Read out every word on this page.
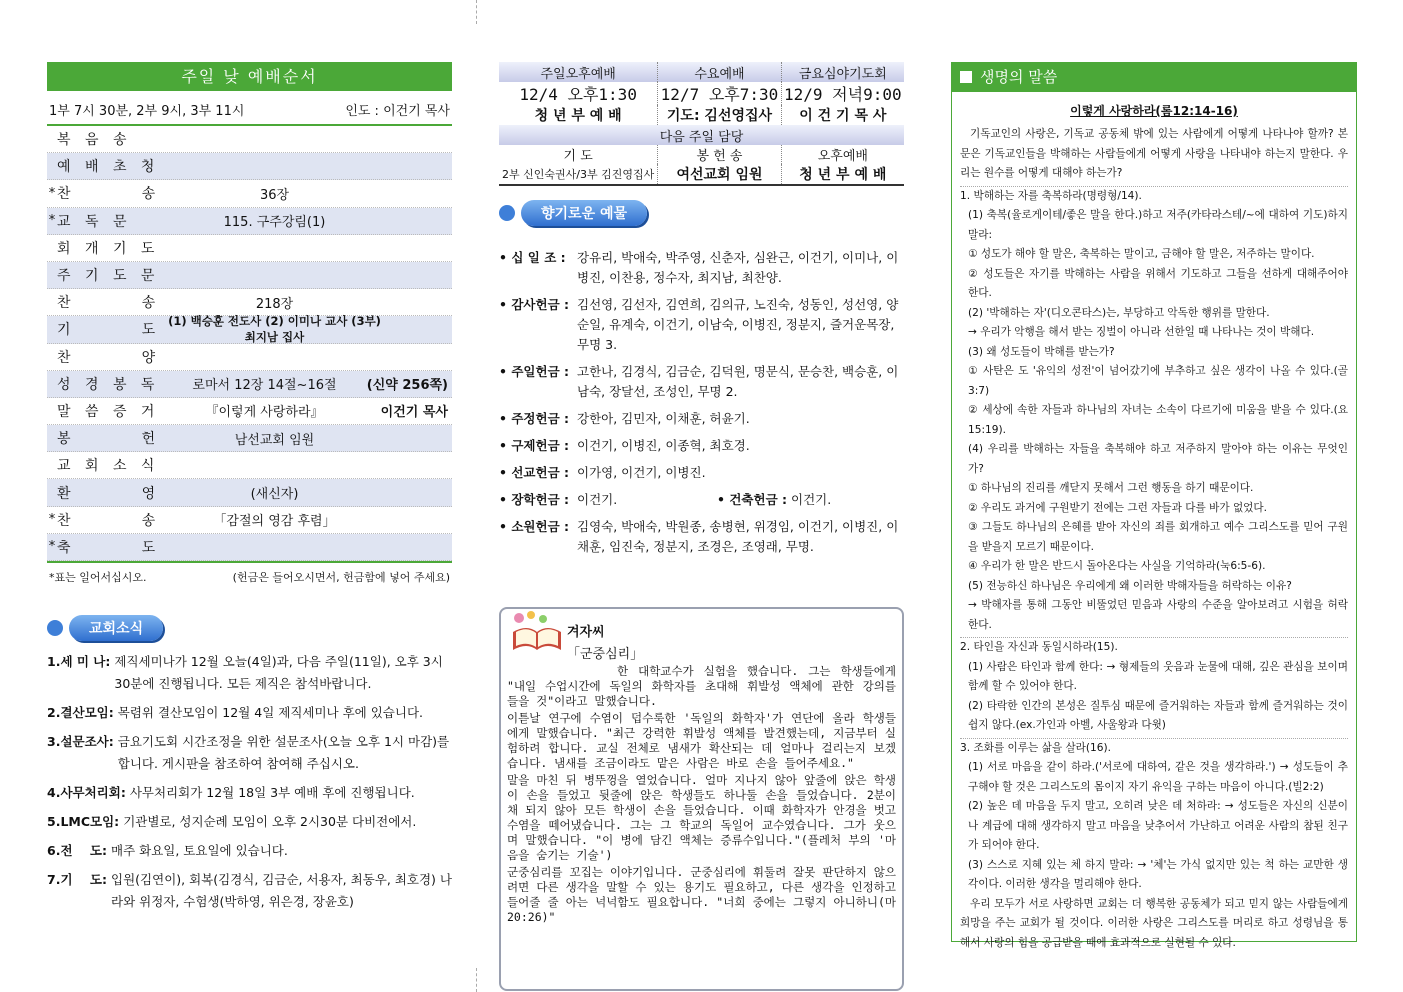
주일 낮 예배순서
1부 7시 30분, 2부 9시, 3부 11시	인도 : 이건기 목사
복 음 송
예 배 초 청
* 찬       송	36장
* 교 독 문	115. 구주강림(1)
회 개 기 도
주 기 도 문
찬       송	218장
기       도
(1) 백승훈 전도사 (2) 이미나 교사 (3부) 최지남 집사
찬       양
성 경 봉 독	로마서 12장 14절~16절	(신약 256쪽)
말 씀 증 거	『이렇게 사랑하라』	이건기 목사
봉       헌	남선교회 임원
교 회 소 식
환       영	(새신자)
* 찬       송	「감절의 영감 후렴」
* 축       도
*표는 일어서십시오.	(헌금은 들어오시면서, 헌금함에 넣어 주세요)
교회소식
1.세 미 나: 제직세미나가 12월 오늘(4일)과, 다음 주일(11일), 오후 3시 30분에 진행됩니다. 모든 제직은 참석바랍니다.
2.결산모임: 목렴위 결산모임이 12월 4일 제직세미나 후에 있습니다.
3.설문조사: 금요기도회 시간조정을 위한 설문조사(오늘 오후 1시 마감)를 합니다. 게시판을 참조하여 참여해 주십시오.
4.사무처리회: 사무처리회가 12월 18일 3부 예배 후에 진행됩니다.
5.LMC모임: 기관별로, 성지순례 모임이 오후 2시30분 다비전에서.
6.전    도: 매주 화요일, 토요일에 있습니다.
7.기    도: 입원(김연이), 회복(김경식, 김금순, 서용자, 최동우, 최호경) 나라와 위정자, 수험생(박하영, 위은경, 장윤호)
주일오후예배	수요예배	금요심야기도회
12/4 오후1:30	12/7 오후7:30	12/9 저녁9:00
청 년 부 예 배	기도: 김선영집사	이 건 기 목 사
다음 주일 담당		
기 도	봉 헌 송	오후예배
2부 신인숙권사/3부 김진영집사	여선교회 임원	청 년 부 예 배
향기로운 예물
• 십 일 조 : 강유리, 박애숙, 박주영, 신춘자, 심완근, 이건기, 이미나, 이병진, 이찬용, 정수자, 최지남, 최찬양.
• 감사헌금 : 김선영, 김선자, 김연희, 김의규, 노진숙, 성동인, 성선영, 양순일, 유계숙, 이건기, 이남숙, 이병진, 정분지, 즐거운목장, 무명 3.
• 주일헌금 : 고한나, 김경식, 김금순, 김덕원, 명문식, 문승찬, 백승훈, 이남숙, 장달선, 조성인, 무명 2.
• 주정헌금 : 강한아, 김민자, 이채훈, 허윤기.
• 구제헌금 : 이건기, 이병진, 이종혁, 최호경.
• 선교헌금 : 이가영, 이건기, 이병진.
• 장학헌금 : 이건기.	• 건축헌금 : 이건기.
• 소원헌금 : 김영숙, 박애숙, 박원종, 송병현, 위경임, 이건기, 이병진, 이채훈, 임진숙, 정분지, 조경은, 조영래, 무명.
겨자씨
「군중심리」

한 대학교수가 실험을 했습니다. 그는 학생들에게 "내일 수업시간에 독일의 화학자를 초대해 휘발성 액체에 관한 강의를 들을 것"이라고 말했습니다.

이튿날 연구에 수염이 덥수룩한 '독일의 화학자'가 연단에 올라 학생들에게 말했습니다. "최근 강력한 휘발성 액체를 발견했는데, 지금부터 실험하려 합니다. 교실 전체로 냄새가 확산되는 데 얼마나 걸리는지 보겠습니다. 냄새를 조금이라도 맡은 사람은 바로 손을 들어주세요."

말을 마친 뒤 병뚜껑을 열었습니다. 얼마 지나지 않아 앞줄에 앉은 학생이 손을 들었고 뒷줄에 앉은 학생들도 하나둘 손을 들었습니다. 2분이 채 되지 않아 모든 학생이 손을 들었습니다. 이때 화학자가 안경을 벗고 수염을 떼어냈습니다. 그는 그 학교의 독일어 교수였습니다. 그가 웃으며 말했습니다. "이 병에 담긴 액체는 증류수입니다."(플레처 부의 '마음을 숨기는 기술')

군중심리를 꼬집는 이야기입니다. 군중심리에 휘둘려 잘못 판단하지 않으려면 다른 생각을 말할 수 있는 용기도 필요하고, 다른 생각을 인정하고 들어줄 줄 아는 넉넉함도 필요합니다. "너희 중에는 그렇지 아니하니(마 20:26)"

생명의 말씀
이렇게 사랑하라(롬12:14-16)
기독교인의 사랑은, 기독교 공동체 밖에 있는 사람에게 어떻게 나타나야 할까? 본문은 기독교인들을 박해하는 사람들에게 어떻게 사랑을 나타내야 하는지 말한다. 우리는 원수를 어떻게 대해야 하는가?
1. 박해하는 자를 축복하라(명령형/14).
(1) 축복(율로게이테/좋은 말을 한다.)하고 저주(카타라스테/~에 대하여 기도)하지 말라:
① 성도가 해야 할 말은, 축복하는 말이고, 금해야 할 말은, 저주하는 말이다.
② 성도들은 자기를 박해하는 사람을 위해서 기도하고 그들을 선하게 대해주어야 한다.
(2) '박해하는 자'(디오콘타스)는, 부당하고 악독한 행위를 말한다.
→ 우리가 악행을 해서 받는 징벌이 아니라 선한일 때 나타나는 것이 박해다.
(3) 왜 성도들이 박해를 받는가?
① 사탄은 도 '유익의 성전'이 넘어갔기에 부추하고 싶은 생각이 나올 수 있다.(골3:7)
② 세상에 속한 자들과 하나님의 자녀는 소속이 다르기에 미움을 받을 수 있다.(요15:19).
(4) 우리를 박해하는 자들을 축복해야 하고 저주하지 말아야 하는 이유는 무엇인가?
① 하나님의 진리를 깨닫지 못해서 그런 행동을 하기 때문이다.
② 우리도 과거에 구원받기 전에는 그런 자들과 다를 바가 없었다.
③ 그들도 하나님의 은혜를 받아 자신의 죄를 회개하고 예수 그리스도를 믿어 구원을 받을지 모르기 때문이다.
④ 우리가 한 말은 반드시 돌아온다는 사실을 기억하라(눅6:5-6).
(5) 전능하신 하나님은 우리에게 왜 이러한 박해자들을 허락하는 이유?
→ 박해자를 통해 그동안 비뚤었던 믿음과 사랑의 수준을 알아보려고 시험을 허락한다.
2. 타인을 자신과 동일시하라(15).
(1) 사람은 타인과 함께 한다: → 형제들의 웃음과 눈물에 대해, 깊은 관심을 보이며 함께 할 수 있어야 한다.
(2) 타락한 인간의 본성은 질투심 때문에 즐거워하는 자들과 함께 즐거워하는 것이 쉽지 않다.(ex.가인과 아벨, 사울왕과 다윗)
3. 조화를 이루는 삶을 살라(16).
(1) 서로 마음을 같이 하라.('서로에 대하여, 같은 것을 생각하라.') → 성도들이 추구해야 할 것은 그리스도의 몸이지 자기 유익을 구하는 마음이 아니다.(빌2:2)
(2) 높은 데 마음을 두지 말고, 오히려 낮은 데 처하라: → 성도들은 자신의 신분이나 계급에 대해 생각하지 말고 마음을 낮추어서 가난하고 어려운 사람의 참된 친구가 되어야 한다.
(3) 스스로 지혜 있는 체 하지 말라: → '체'는 가식 없지만 있는 척 하는 교만한 생각이다. 이러한 생각을 멀리해야 한다.
우리 모두가 서로 사랑하면 교회는 더 행복한 공동체가 되고 믿지 않는 사람들에게 희망을 주는 교회가 될 것이다. 이러한 사랑은 그리스도를 머리로 하고 성령님을 통해서 사랑의 힘을 공급받을 때에 효과적으로 실현될 수 있다.
